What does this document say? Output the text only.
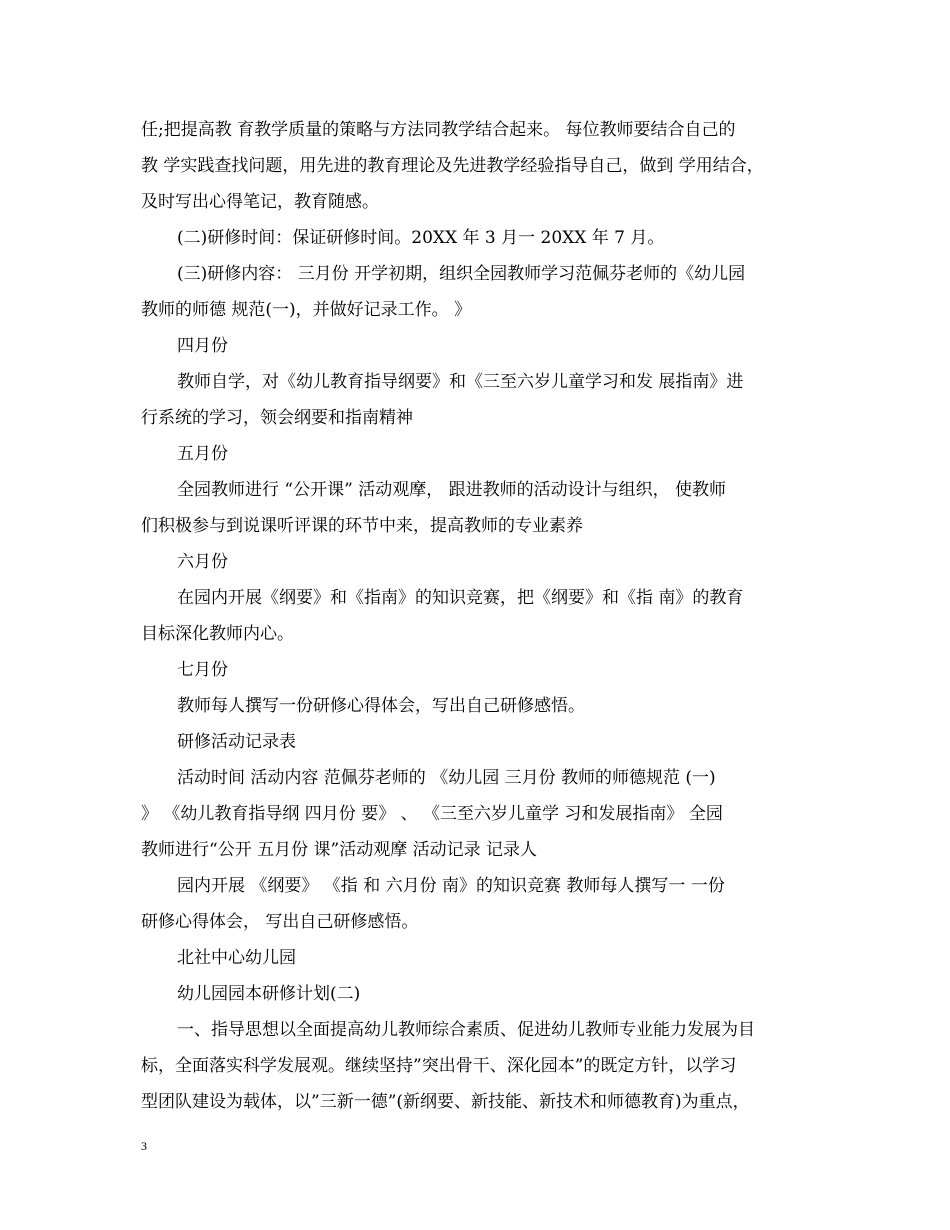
任;把提高教 育教学质量的策略与方法同教学结合起来。 每位教师要结合自己的
教 学实践查找问题，用先进的教育理论及先进教学经验指导自己，做到 学用结合，
及时写出心得笔记，教育随感。
(二)研修时间：保证研修时间。20XX 年 3 月一 20XX 年 7 月。
(三)研修内容： 三月份 开学初期，组织全园教师学习范佩芬老师的《幼儿园
教师的师德 规范(一)，并做好记录工作。 》
四月份
教师自学，对《幼儿教育指导纲要》和《三至六岁儿童学习和发 展指南》进
行系统的学习，领会纲要和指南精神
五月份
全园教师进行 “公开课” 活动观摩， 跟进教师的活动设计与组织， 使教师
们积极参与到说课听评课的环节中来，提高教师的专业素养
六月份
在园内开展《纲要》和《指南》的知识竞赛，把《纲要》和《指 南》的教育
目标深化教师内心。
七月份
教师每人撰写一份研修心得体会，写出自己研修感悟。
研修活动记录表
活动时间 活动内容 范佩芬老师的 《幼儿园 三月份 教师的师德规范 (一)
》 《幼儿教育指导纲 四月份 要》 、 《三至六岁儿童学 习和发展指南》 全园
教师进行“公开 五月份 课”活动观摩 活动记录 记录人
园内开展 《纲要》 《指 和 六月份 南》的知识竞赛 教师每人撰写一 一份
研修心得体会， 写出自己研修感悟。
北社中心幼儿园
幼儿园园本研修计划(二)
一、指导思想以全面提高幼儿教师综合素质、促进幼儿教师专业能力发展为目
标，全面落实科学发展观。继续坚持”突出骨干、深化园本”的既定方针，以学习
型团队建设为载体，以”三新一德”(新纲要、新技能、新技术和师德教育)为重点，
3
